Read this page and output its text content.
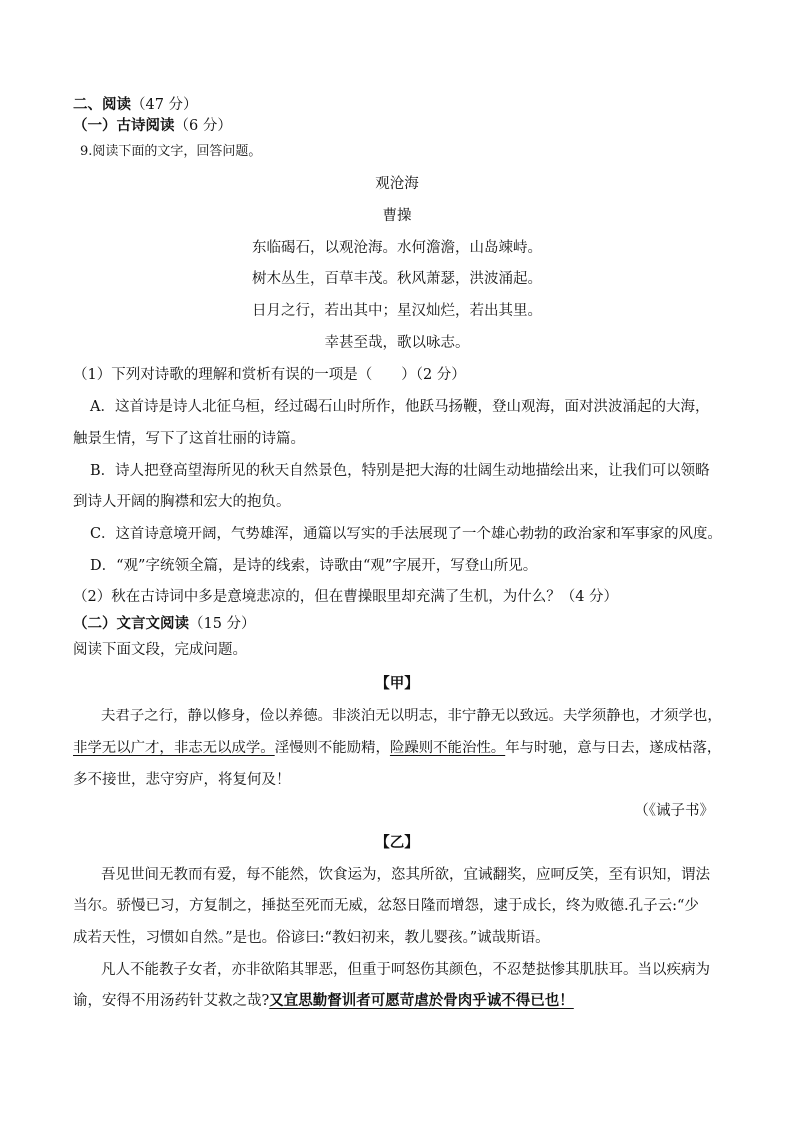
二、阅读（47 分）
（一）古诗阅读（6 分）
9.阅读下面的文字，回答问题。
观沧海
曹操
东临碣石，以观沧海。水何澹澹，山岛竦峙。
树木丛生，百草丰茂。秋风萧瑟，洪波涌起。
日月之行，若出其中；星汉灿烂，若出其里。
幸甚至哉，歌以咏志。
（1）下列对诗歌的理解和赏析有误的一项是（　　）（2 分）
A．这首诗是诗人北征乌桓，经过碣石山时所作，他跃马扬鞭，登山观海，面对洪波涌起的大海，
触景生情，写下了这首壮丽的诗篇。
B．诗人把登高望海所见的秋天自然景色，特别是把大海的壮阔生动地描绘出来，让我们可以领略
到诗人开阔的胸襟和宏大的抱负。
C．这首诗意境开阔，气势雄浑，通篇以写实的手法展现了一个雄心勃勃的政治家和军事家的风度。
D．“观”字统领全篇，是诗的线索，诗歌由“观”字展开，写登山所见。
（2）秋在古诗词中多是意境悲凉的，但在曹操眼里却充满了生机，为什么？（4 分）
（二）文言文阅读（15 分）
阅读下面文段，完成问题。
【甲】
夫君子之行，静以修身，俭以养德。非淡泊无以明志，非宁静无以致远。夫学须静也，才须学也，
非学无以广才，非志无以成学。淫慢则不能励精，险躁则不能治性。年与时驰，意与日去，遂成枯落，
多不接世，悲守穷庐，将复何及！
（《诫子书》
【乙】
吾见世间无教而有爱，每不能然，饮食运为，恣其所欲，宜诫翻奖，应呵反笑，至有识知，谓法
当尔。骄慢已习，方复制之，捶挞至死而无威，忿怒日隆而增怨，逮于成长，终为败德.孔子云:“少
成若天性，习惯如自然。”是也。俗谚曰:“教妇初来，教儿婴孩。”诚哉斯语。
凡人不能教子女者，亦非欲陷其罪恶，但重于呵怒伤其颜色，不忍楚挞惨其肌肤耳。当以疾病为
谕，安得不用汤药针艾救之哉?又宜思勤督训者可愿苛虐於骨肉乎诚不得已也！
